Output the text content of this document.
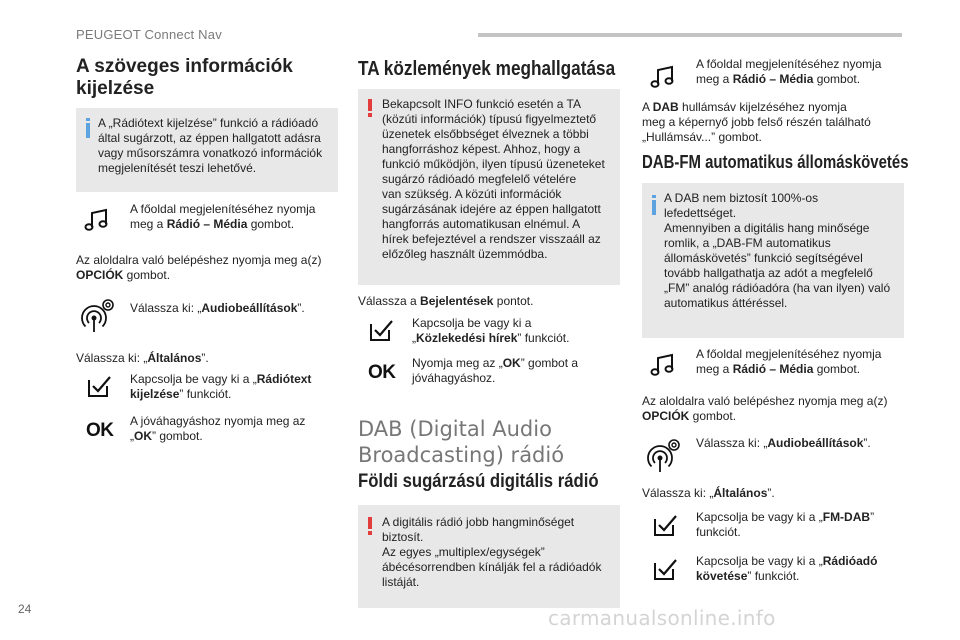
PEUGEOT Connect Nav
A szöveges információk
kijelzése
A „Rádiótext kijelzése” funkció a rádióadó
által sugárzott, az éppen hallgatott adásra
vagy műsorszámra vonatkozó információk
megjelenítését teszi lehetővé.
A főoldal megjelenítéséhez nyomja
meg a Rádió – Média gombot.
Az aloldalra való belépéshez nyomja meg a(z)
OPCIÓK gombot.
Válassza ki: „Audiobeállítások”.
Válassza ki: „Általános”.
Kapcsolja be vagy ki a „Rádiótext
kijelzése” funkciót.
OK A jóváhagyáshoz nyomja meg az
„OK” gombot.
TA közlemények meghallgatása
Bekapcsolt INFO funkció esetén a TA
(közúti információk) típusú figyelmeztető
üzenetek elsőbbséget élveznek a többi
hangforráshoz képest. Ahhoz, hogy a
funkció működjön, ilyen típusú üzeneteket
sugárzó rádióadó megfelelő vételére
van szükség. A közúti információk
sugárzásának idejére az éppen hallgatott
hangforrás automatikusan elnémul. A
hírek befejeztével a rendszer visszaáll az
előzőleg használt üzemmódba.
Válassza a Bejelentések pontot.
Kapcsolja be vagy ki a
„Közlekedési hírek” funkciót.
OK Nyomja meg az „OK” gombot a
jóváhagyáshoz.
DAB (Digital Audio
Broadcasting) rádió
Földi sugárzású digitális rádió
A digitális rádió jobb hangminőséget
biztosít.
Az egyes „multiplex/egységek”
ábécésorrendben kínálják fel a rádióadók
listáját.
A főoldal megjelenítéséhez nyomja
meg a Rádió – Média gombot.
A DAB hullámsáv kijelzéséhez nyomja
meg a képernyő jobb felső részén található
„Hullámsáv...” gombot.
DAB-FM automatikus állomáskövetés
A DAB nem biztosít 100%-os
lefedettséget.
Amennyiben a digitális hang minősége
romlik, a „DAB-FM automatikus
állomáskövetés” funkció segítségével
tovább hallgathatja az adót a megfelelő
„FM” analóg rádióadóra (ha van ilyen) való
automatikus áttéréssel.
A főoldal megjelenítéséhez nyomja
meg a Rádió – Média gombot.
Az aloldalra való belépéshez nyomja meg a(z)
OPCIÓK gombot.
Válassza ki: „Audiobeállítások”.
Válassza ki: „Általános”.
Kapcsolja be vagy ki a „FM-DAB”
funkciót.
Kapcsolja be vagy ki a „Rádióadó
követése” funkciót.
24	carmanualsonline.info
